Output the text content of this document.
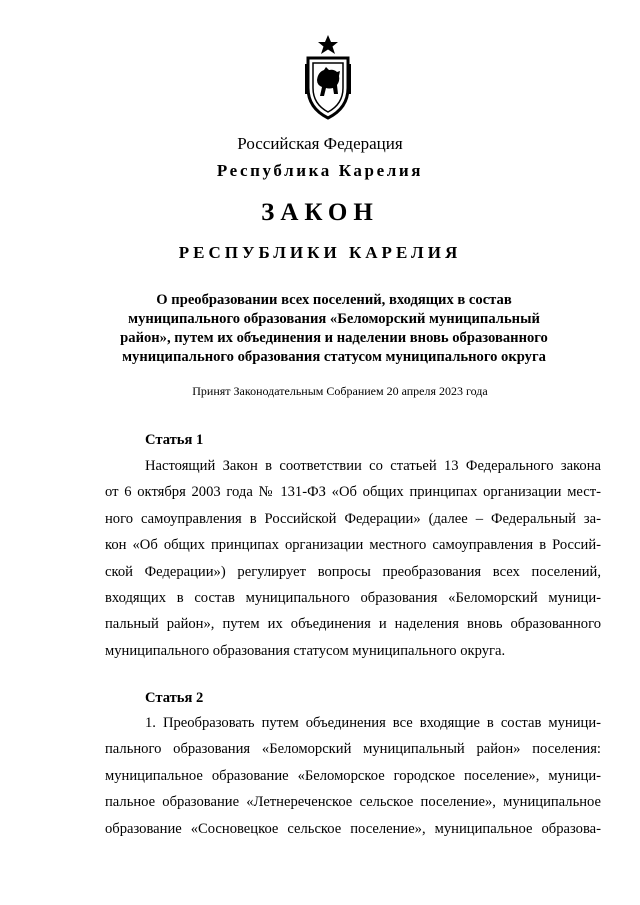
Российская Федерация
Республика Карелия
ЗАКОН
РЕСПУБЛИКИ КАРЕЛИЯ
О преобразовании всех поселений, входящих в состав
муниципального образования «Беломорский муниципальный
район», путем их объединения и наделении вновь образованного
муниципального образования статусом муниципального округа
Принят Законодательным Собранием 20 апреля 2023 года
Статья 1
Настоящий Закон в соответствии со статьей 13 Федерального закона
от 6 октября 2003 года № 131-ФЗ «Об общих принципах организации мест-
ного самоуправления в Российской Федерации» (далее – Федеральный за-
кон «Об общих принципах организации местного самоуправления в Россий-
ской Федерации») регулирует вопросы преобразования всех поселений,
входящих в состав муниципального образования «Беломорский муници-
пальный район», путем их объединения и наделения вновь образованного
муниципального образования статусом муниципального округа.
Статья 2
1. Преобразовать путем объединения все входящие в состав муници-
пального образования «Беломорский муниципальный район» поселения:
муниципальное образование «Беломорское городское поселение», муници-
пальное образование «Летнереченское сельское поселение», муниципальное
образование «Сосновецкое сельское поселение», муниципальное образова-
